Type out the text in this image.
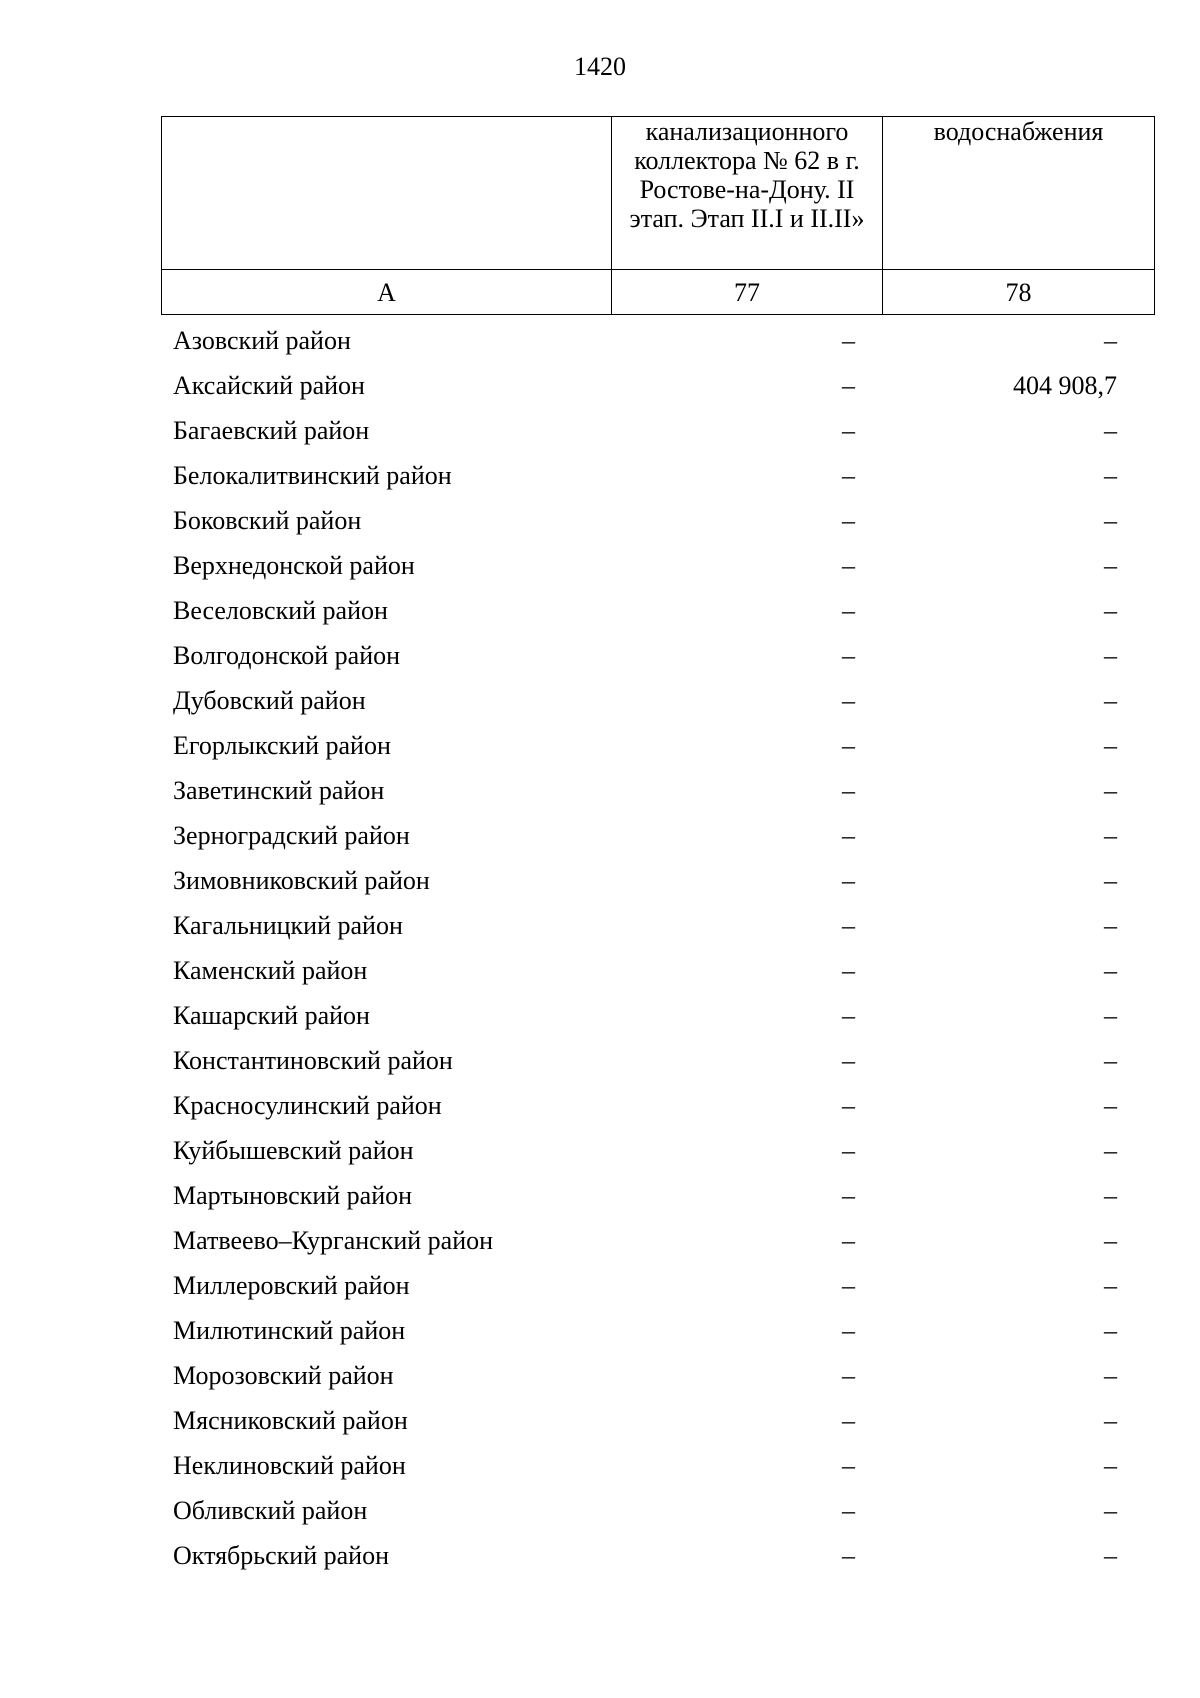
1420
	канализационного коллектора № 62 в г. Ростове-на-Дону. II этап. Этап II.I и II.II»	водоснабжения
А	77	78
Азовский район	–	–
Аксайский район	–	404 908,7
Багаевский район	–	–
Белокалитвинский район	–	–
Боковский район	–	–
Верхнедонской район	–	–
Веселовский район	–	–
Волгодонской район	–	–
Дубовский район	–	–
Егорлыкский район	–	–
Заветинский район	–	–
Зерноградский район	–	–
Зимовниковский район	–	–
Кагальницкий район	–	–
Каменский район	–	–
Кашарский район	–	–
Константиновский район	–	–
Красносулинский район	–	–
Куйбышевский район	–	–
Мартыновский район	–	–
Матвеево–Курганский район	–	–
Миллеровский район	–	–
Милютинский район	–	–
Морозовский район	–	–
Мясниковский район	–	–
Неклиновский район	–	–
Обливский район	–	–
Октябрьский район	–	–
